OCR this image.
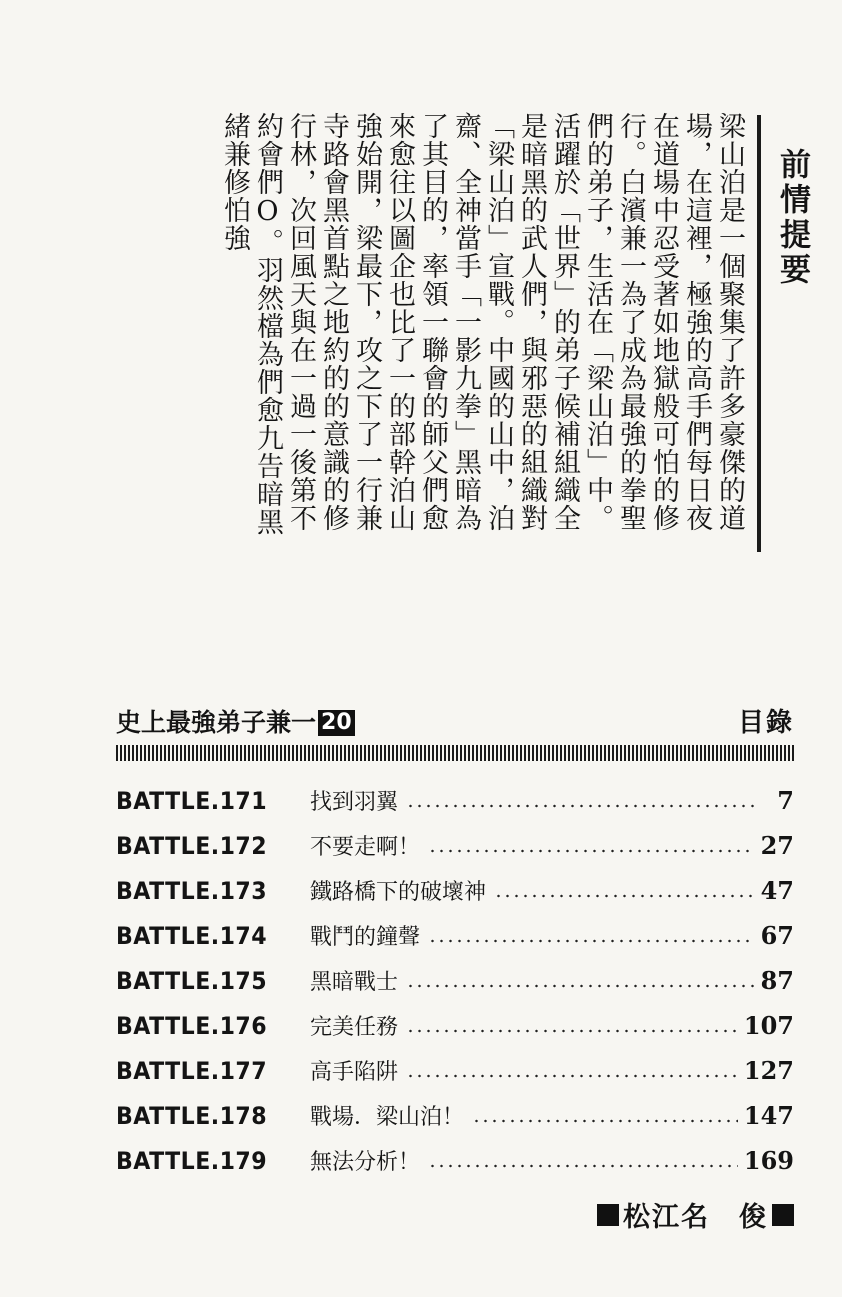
梁山泊是一個聚集了許多豪傑的道場，在這裡，極強的高手們每日夜在道場中忍受著如地獄般可怕的修行。白濱兼一為了成為最強的拳聖們的弟子，生活在「梁山泊」中。活躍於「世界」的弟子候補組織全是暗黑的武人們，與邪惡的組織對「梁山泊」宣戰。中國的山中，泊齋、全神當手「一影九拳」黑暗為了其目的，率領一聯會的師父們愈來愈往以圖企也比了一的部幹泊山強始開，梁最下，攻之下了一行兼寺路會黑首點之地約的的意識的修行林，次回風天與在一過一後第不約會們O。羽然檔為們愈九告暗黑緒兼修怕強	前情提要
史上最強弟子兼一 20	目錄
BATTLE.171	找到羽翼	7
BATTLE.172	不要走啊！	27
BATTLE.173	鐵路橋下的破壞神	47
BATTLE.174	戰鬥的鐘聲	67
BATTLE.175	黑暗戰士	87
BATTLE.176	完美任務	107
BATTLE.177	高手陷阱	127
BATTLE.178	戰場．梁山泊！	147
BATTLE.179	無法分析！	169
松江名　俊
